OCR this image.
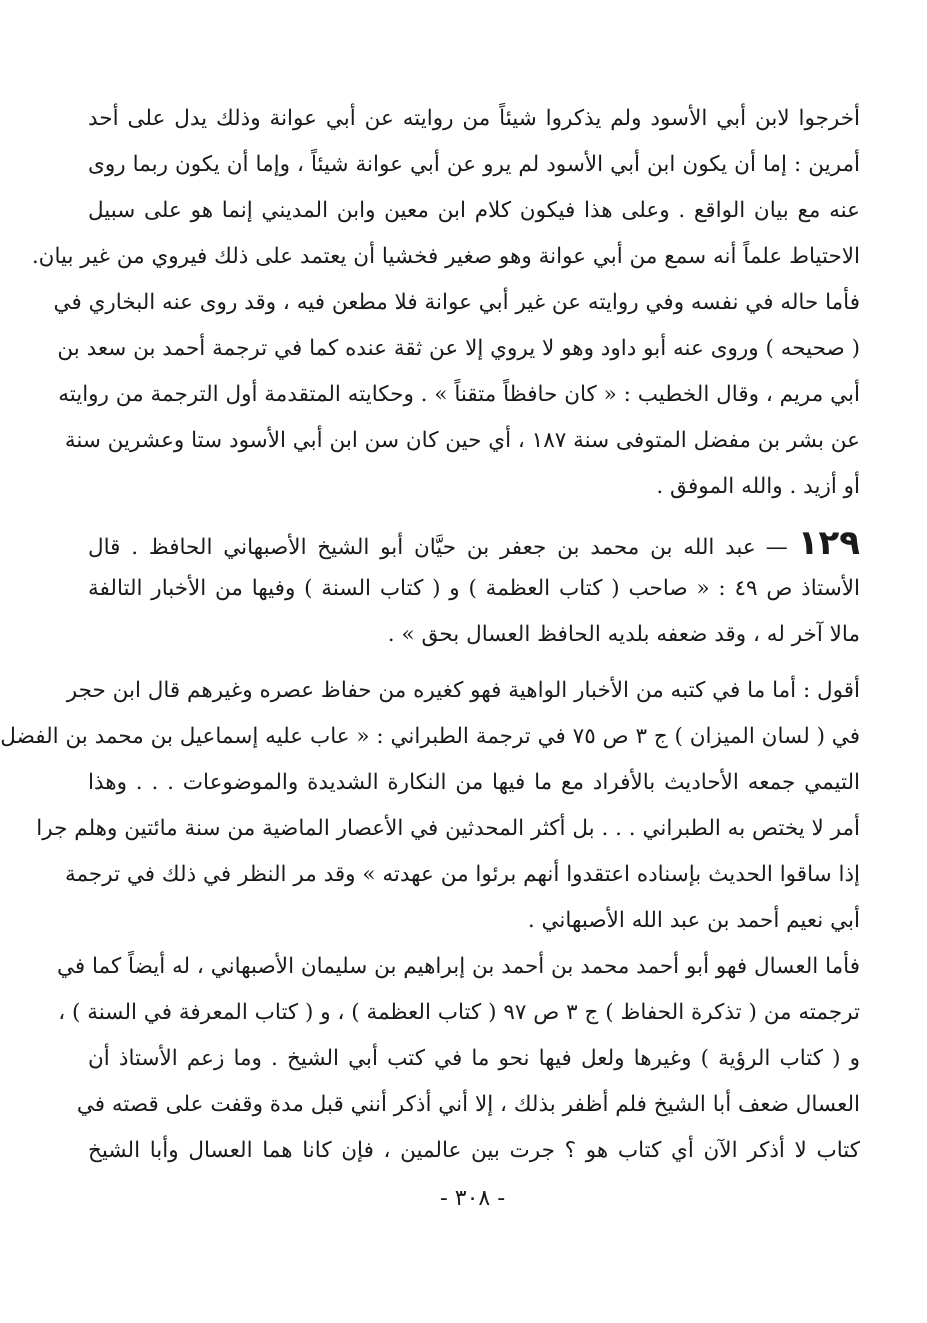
أخرجوا لابن أبي الأسود ولم يذكروا شيئاً من روايته عن أبي عوانة وذلك يدل على أحد
أمرين : إما أن يكون ابن أبي الأسود لم يرو عن أبي عوانة شيئاً ، وإما أن يكون ربما روى
عنه مع بيان الواقع . وعلى هذا فيكون كلام ابن معين وابن المديني إنما هو على سبيل
الاحتياط علماً أنه سمع من أبي عوانة وهو صغير فخشيا أن يعتمد على ذلك فيروي من غير بيان.
فأما حاله في نفسه وفي روايته عن غير أبي عوانة فلا مطعن فيه ، وقد روى عنه البخاري في
( صحيحه ) وروى عنه أبو داود وهو لا يروي إلا عن ثقة عنده كما في ترجمة أحمد بن سعد بن
أبي مريم ، وقال الخطيب : « كان حافظاً متقناً » . وحكايته المتقدمة أول الترجمة من روايته
عن بشر بن مفضل المتوفى سنة ١٨٧ ، أي حين كان سن ابن أبي الأسود ستا وعشرين سنة
أو أزيد . والله الموفق .
١٢٩
—
عبد الله بن محمد بن جعفر بن حيَّان أبو الشيخ الأصبهاني الحافظ . قال
الأستاذ ص ٤٩ : « صاحب ( كتاب العظمة ) و ( كتاب السنة ) وفيها من الأخبار التالفة
مالا آخر له ، وقد ضعفه بلديه الحافظ العسال بحق » .
أقول : أما ما في كتبه من الأخبار الواهية فهو كغيره من حفاظ عصره وغيرهم قال ابن حجر
في ( لسان الميزان ) ج ٣ ص ٧٥ في ترجمة الطبراني : « عاب عليه إسماعيل بن محمد بن الفضل
التيمي جمعه الأحاديث بالأفراد مع ما فيها من النكارة الشديدة والموضوعات . . . وهذا
أمر لا يختص به الطبراني . . . بل أكثر المحدثين في الأعصار الماضية من سنة مائتين وهلم جرا
إذا ساقوا الحديث بإسناده اعتقدوا أنهم برئوا من عهدته » وقد مر النظر في ذلك في ترجمة
أبي نعيم أحمد بن عبد الله الأصبهاني .
فأما العسال فهو أبو أحمد محمد بن أحمد بن إبراهيم بن سليمان الأصبهاني ، له أيضاً كما في
ترجمته من ( تذكرة الحفاظ ) ج ٣ ص ٩٧ ( كتاب العظمة ) ، و ( كتاب المعرفة في السنة ) ،
و ( كتاب الرؤية ) وغيرها ولعل فيها نحو ما في كتب أبي الشيخ . وما زعم الأستاذ أن
العسال ضعف أبا الشيخ فلم أظفر بذلك ، إلا أني أذكر أنني قبل مدة وقفت على قصته في
كتاب لا أذكر الآن أي كتاب هو ؟ جرت بين عالمين ، فإن كانا هما العسال وأبا الشيخ
- ٣٠٨ -
